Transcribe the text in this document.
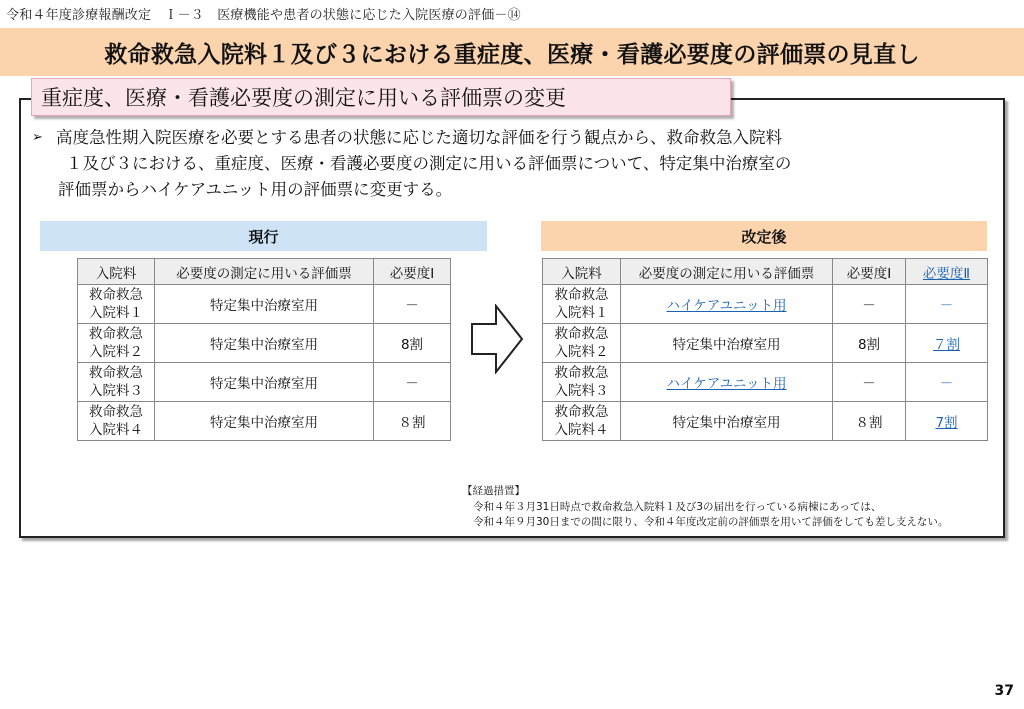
令和４年度診療報酬改定　Ｉ－３　医療機能や患者の状態に応じた入院医療の評価－⑭
救命救急入院料１及び３における重症度、医療・看護必要度の評価票の見直し
重症度、医療・看護必要度の測定に用いる評価票の変更
➢ 高度急性期入院医療を必要とする患者の状態に応じた適切な評価を行う観点から、救命救急入院料
１及び３における、重症度、医療・看護必要度の測定に用いる評価票について、特定集中治療室の
評価票からハイケアユニット用の評価票に変更する。
現行	改定後
入院料	必要度の測定に用いる評価票	必要度Ⅰ
救命救急
入院料１	特定集中治療室用	－
救命救急
入院料２	特定集中治療室用	8割
救命救急
入院料３	特定集中治療室用	－
救命救急
入院料４	特定集中治療室用	８割
入院料	必要度の測定に用いる評価票	必要度Ⅰ	必要度Ⅱ
救命救急
入院料１	ハイケアユニット用	－	－
救命救急
入院料２	特定集中治療室用	8割	７割
救命救急
入院料３	ハイケアユニット用	－	－
救命救急
入院料４	特定集中治療室用	８割	7割
【経過措置】
令和４年３月31日時点で救命救急入院料１及び3の届出を行っている病棟にあっては、
令和４年９月30日までの間に限り、令和４年度改定前の評価票を用いて評価をしても差し支えない。
37
